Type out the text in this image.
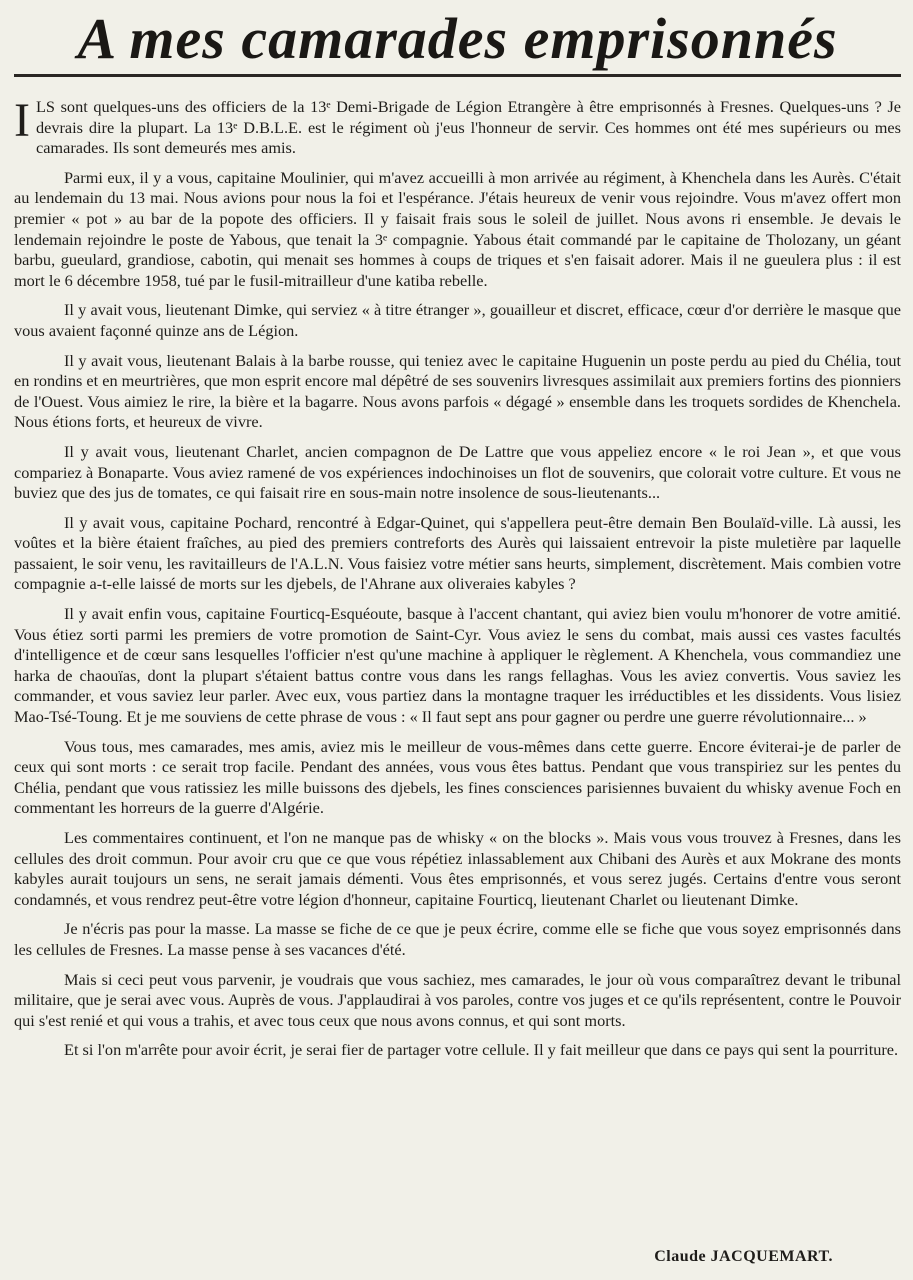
A mes camarades emprisonnés

ILS sont quelques-uns des officiers de la 13ᵉ Demi-Brigade de Légion Etrangère à être emprisonnés à Fresnes. Quelques-uns ? Je devrais dire la plupart. La 13ᵉ D.B.L.E. est le régiment où j'eus l'honneur de servir. Ces hommes ont été mes supérieurs ou mes camarades. Ils sont demeurés mes amis.

Parmi eux, il y a vous, capitaine Moulinier, qui m'avez accueilli à mon arrivée au régiment, à Khenchela dans les Aurès. C'était au lendemain du 13 mai. Nous avions pour nous la foi et l'espérance. J'étais heureux de venir vous rejoindre. Vous m'avez offert mon premier « pot » au bar de la popote des officiers. Il y faisait frais sous le soleil de juillet. Nous avons ri ensemble. Je devais le lendemain rejoindre le poste de Yabous, que tenait la 3ᵉ compagnie. Yabous était commandé par le capitaine de Tholozany, un géant barbu, gueulard, grandiose, cabotin, qui menait ses hommes à coups de triques et s'en faisait adorer. Mais il ne gueulera plus : il est mort le 6 décembre 1958, tué par le fusil-mitrailleur d'une katiba rebelle.

Il y avait vous, lieutenant Dimke, qui serviez « à titre étranger », gouailleur et discret, efficace, cœur d'or derrière le masque que vous avaient façonné quinze ans de Légion.

Il y avait vous, lieutenant Balais à la barbe rousse, qui teniez avec le capitaine Huguenin un poste perdu au pied du Chélia, tout en rondins et en meurtrières, que mon esprit encore mal dépêtré de ses souvenirs livresques assimilait aux premiers fortins des pionniers de l'Ouest. Vous aimiez le rire, la bière et la bagarre. Nous avons parfois « dégagé » ensemble dans les troquets sordides de Khenchela. Nous étions forts, et heureux de vivre.

Il y avait vous, lieutenant Charlet, ancien compagnon de De Lattre que vous appeliez encore « le roi Jean », et que vous compariez à Bonaparte. Vous aviez ramené de vos expériences indochinoises un flot de souvenirs, que colorait votre culture. Et vous ne buviez que des jus de tomates, ce qui faisait rire en sous-main notre insolence de sous-lieutenants...

Il y avait vous, capitaine Pochard, rencontré à Edgar-Quinet, qui s'appellera peut-être demain Ben Boulaïd-ville. Là aussi, les voûtes et la bière étaient fraîches, au pied des premiers contreforts des Aurès qui laissaient entrevoir la piste muletière par laquelle passaient, le soir venu, les ravitailleurs de l'A.L.N. Vous faisiez votre métier sans heurts, simplement, discrètement. Mais combien votre compagnie a-t-elle laissé de morts sur les djebels, de l'Ahrane aux oliveraies kabyles ?

Il y avait enfin vous, capitaine Fourticq-Esquéoute, basque à l'accent chantant, qui aviez bien voulu m'honorer de votre amitié. Vous étiez sorti parmi les premiers de votre promotion de Saint-Cyr. Vous aviez le sens du combat, mais aussi ces vastes facultés d'intelligence et de cœur sans lesquelles l'officier n'est qu'une machine à appliquer le règlement. A Khenchela, vous commandiez une harka de chaouïas, dont la plupart s'étaient battus contre vous dans les rangs fellaghas. Vous les aviez convertis. Vous saviez les commander, et vous saviez leur parler. Avec eux, vous partiez dans la montagne traquer les irréductibles et les dissidents. Vous lisiez Mao-Tsé-Toung. Et je me souviens de cette phrase de vous : « Il faut sept ans pour gagner ou perdre une guerre révolutionnaire... »

Vous tous, mes camarades, mes amis, aviez mis le meilleur de vous-mêmes dans cette guerre. Encore éviterai-je de parler de ceux qui sont morts : ce serait trop facile. Pendant des années, vous vous êtes battus. Pendant que vous transpiriez sur les pentes du Chélia, pendant que vous ratissiez les mille buissons des djebels, les fines consciences parisiennes buvaient du whisky avenue Foch en commentant les horreurs de la guerre d'Algérie.

Les commentaires continuent, et l'on ne manque pas de whisky « on the blocks ». Mais vous vous trouvez à Fresnes, dans les cellules des droit commun. Pour avoir cru que ce que vous répétiez inlassablement aux Chibani des Aurès et aux Mokrane des monts kabyles aurait toujours un sens, ne serait jamais démenti. Vous êtes emprisonnés, et vous serez jugés. Certains d'entre vous seront condamnés, et vous rendrez peut-être votre légion d'honneur, capitaine Fourticq, lieutenant Charlet ou lieutenant Dimke.

Je n'écris pas pour la masse. La masse se fiche de ce que je peux écrire, comme elle se fiche que vous soyez emprisonnés dans les cellules de Fresnes. La masse pense à ses vacances d'été.

Mais si ceci peut vous parvenir, je voudrais que vous sachiez, mes camarades, le jour où vous comparaîtrez devant le tribunal militaire, que je serai avec vous. Auprès de vous. J'applaudirai à vos paroles, contre vos juges et ce qu'ils représentent, contre le Pouvoir qui s'est renié et qui vous a trahis, et avec tous ceux que nous avons connus, et qui sont morts.

Et si l'on m'arrête pour avoir écrit, je serai fier de partager votre cellule. Il y fait meilleur que dans ce pays qui sent la pourriture.

Claude JACQUEMART.
